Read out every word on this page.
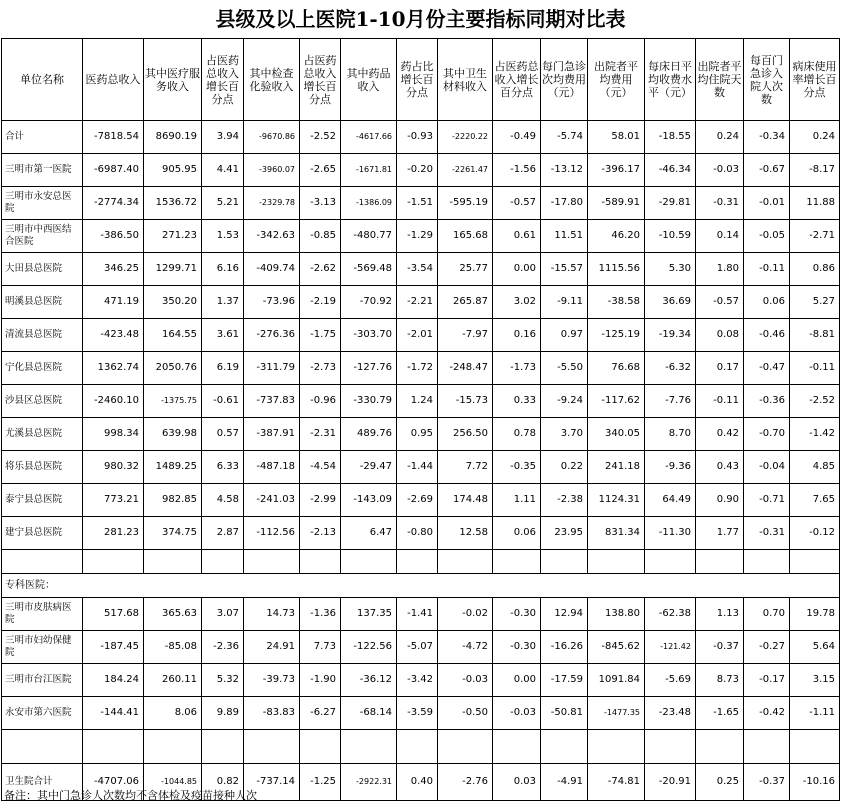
县级及以上医院1-10月份主要指标同期对比表
单位名称	医药总收入	其中医疗服务收入	占医药总收入增长百分点	其中检查化验收入	占医药总收入增长百分点	其中药品收入	药占比增长百分点	其中卫生材料收入	占医药总收入增长百分点	每门急诊次均费用（元）	出院者平均费用（元）	每床日平均收费水平（元）	出院者平均住院天数	每百门急诊入院人次数	病床使用率增长百分点
合计	-7818.54	8690.19	3.94	-9670.86	-2.52	-4617.66	-0.93	-2220.22	-0.49	-5.74	58.01	-18.55	0.24	-0.34	0.24
三明市第一医院	-6987.40	905.95	4.41	-3960.07	-2.65	-1671.81	-0.20	-2261.47	-1.56	-13.12	-396.17	-46.34	-0.03	-0.67	-8.17
三明市永安总医院	-2774.34	1536.72	5.21	-2329.78	-3.13	-1386.09	-1.51	-595.19	-0.57	-17.80	-589.91	-29.81	-0.31	-0.01	11.88
三明市中西医结合医院	-386.50	271.23	1.53	-342.63	-0.85	-480.77	-1.29	165.68	0.61	11.51	46.20	-10.59	0.14	-0.05	-2.71
大田县总医院	346.25	1299.71	6.16	-409.74	-2.62	-569.48	-3.54	25.77	0.00	-15.57	1115.56	5.30	1.80	-0.11	0.86
明溪县总医院	471.19	350.20	1.37	-73.96	-2.19	-70.92	-2.21	265.87	3.02	-9.11	-38.58	36.69	-0.57	0.06	5.27
清流县总医院	-423.48	164.55	3.61	-276.36	-1.75	-303.70	-2.01	-7.97	0.16	0.97	-125.19	-19.34	0.08	-0.46	-8.81
宁化县总医院	1362.74	2050.76	6.19	-311.79	-2.73	-127.76	-1.72	-248.47	-1.73	-5.50	76.68	-6.32	0.17	-0.47	-0.11
沙县区总医院	-2460.10	-1375.75	-0.61	-737.83	-0.96	-330.79	1.24	-15.73	0.33	-9.24	-117.62	-7.76	-0.11	-0.36	-2.52
尤溪县总医院	998.34	639.98	0.57	-387.91	-2.31	489.76	0.95	256.50	0.78	3.70	340.05	8.70	0.42	-0.70	-1.42
将乐县总医院	980.32	1489.25	6.33	-487.18	-4.54	-29.47	-1.44	7.72	-0.35	0.22	241.18	-9.36	0.43	-0.04	4.85
泰宁县总医院	773.21	982.85	4.58	-241.03	-2.99	-143.09	-2.69	174.48	1.11	-2.38	1124.31	64.49	0.90	-0.71	7.65
建宁县总医院	281.23	374.75	2.87	-112.56	-2.13	6.47	-0.80	12.58	0.06	23.95	831.34	-11.30	1.77	-0.31	-0.12

专科医院：															
三明市皮肤病医院	517.68	365.63	3.07	14.73	-1.36	137.35	-1.41	-0.02	-0.30	12.94	138.80	-62.38	1.13	0.70	19.78
三明市妇幼保健院	-187.45	-85.08	-2.36	24.91	7.73	-122.56	-5.07	-4.72	-0.30	-16.26	-845.62	-121.42	-0.37	-0.27	5.64
三明市台江医院	184.24	260.11	5.32	-39.73	-1.90	-36.12	-3.42	-0.03	0.00	-17.59	1091.84	-5.69	8.73	-0.17	3.15
永安市第六医院	-144.41	8.06	9.89	-83.83	-6.27	-68.14	-3.59	-0.50	-0.03	-50.81	-1477.35	-23.48	-1.65	-0.42	-1.11

卫生院合计	-4707.06	-1044.85	0.82	-737.14	-1.25	-2922.31	0.40	-2.76	0.03	-4.91	-74.81	-20.91	0.25	-0.37	-10.16
备注：其中门急诊人次数均不含体检及疫苗接种人次
